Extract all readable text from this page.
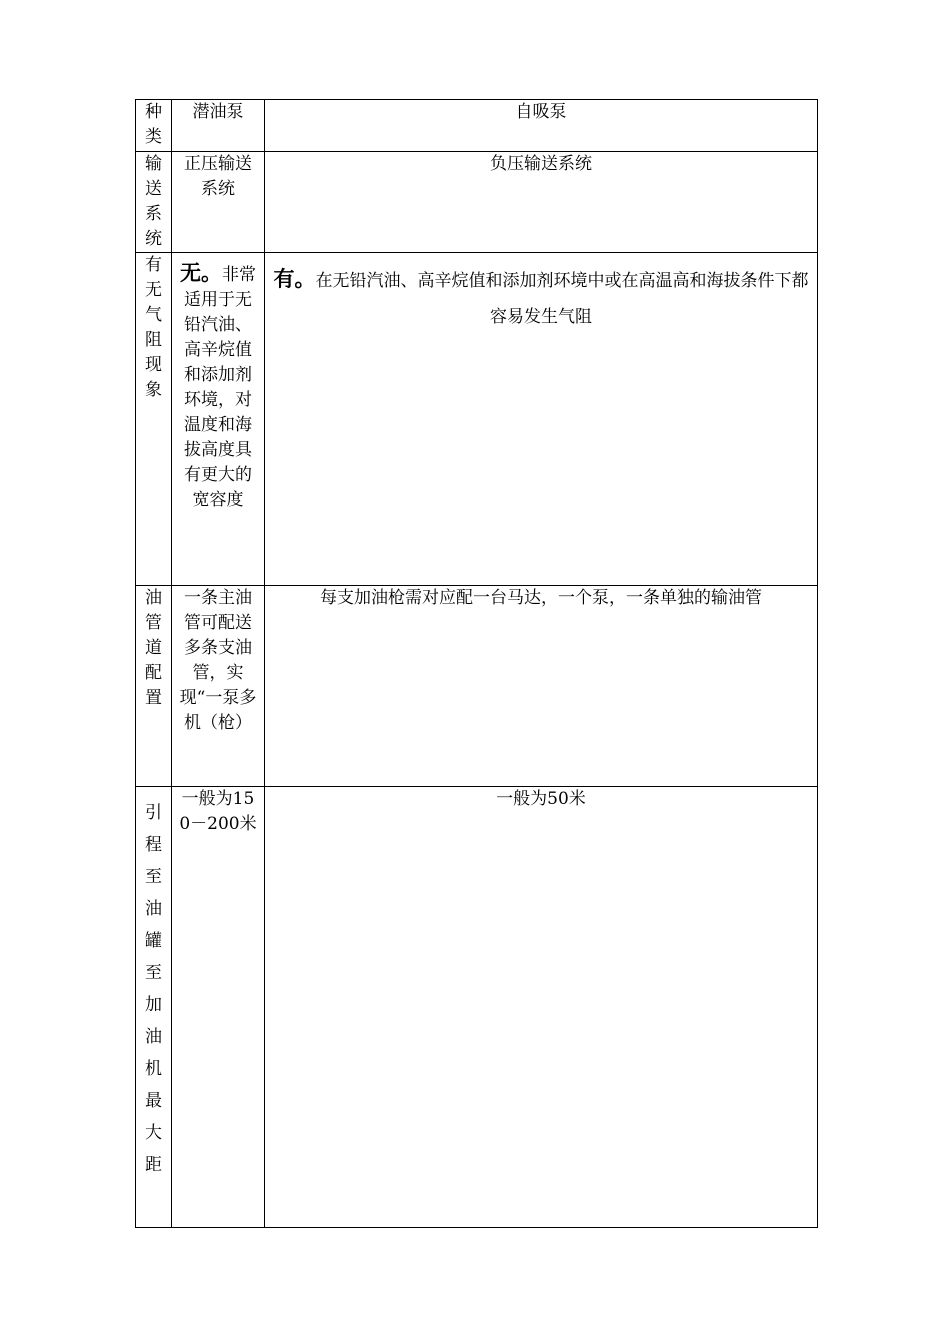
种类	潜油泵	自吸泵
输送系统	正压输送系统	负压输送系统
有无气阻现象	无。非常适用于无铅汽油、高辛烷值和添加剂环境，对温度和海拔高度具有更大的宽容度	有。在无铅汽油、高辛烷值和添加剂环境中或在高温高和海拔条件下都容易发生气阻
油管道配置	一条主油管可配送多条支油管，实现“一泵多机（枪）	每支加油枪需对应配一台马达，一个泵，一条单独的输油管
引程至油罐至加油机最大距	一般为150－200米	一般为50米
